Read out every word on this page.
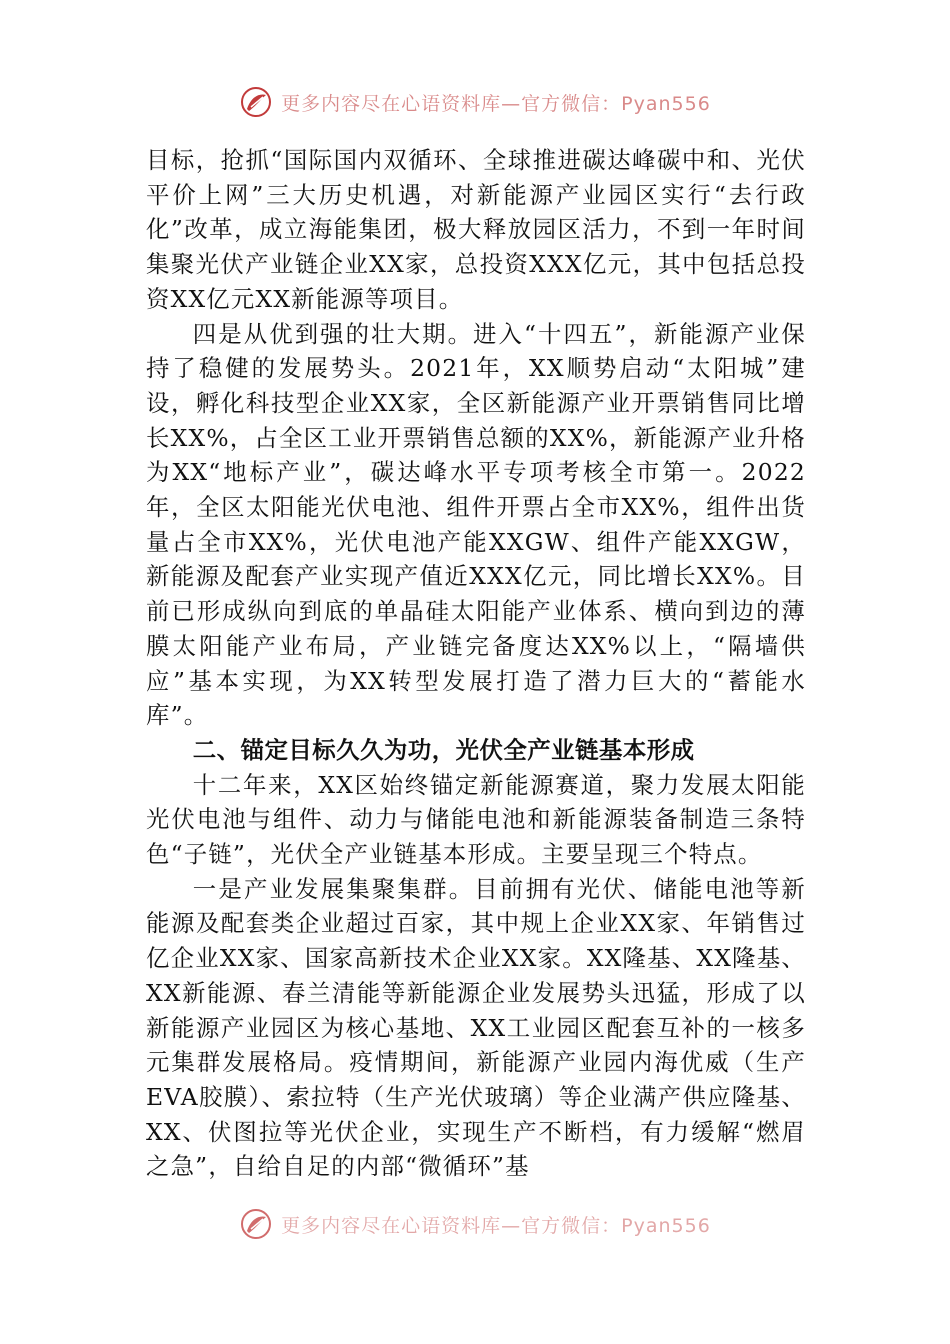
更多内容尽在心语资料库—官方微信：Pyan556

目标，抢抓“国际国内双循环、全球推进碳达峰碳中和、光伏平价上网”三大历史机遇，对新能源产业园区实行“去行政化”改革，成立海能集团，极大释放园区活力，不到一年时间集聚光伏产业链企业XX家，总投资XXX亿元，其中包括总投资XX亿元XX新能源等项目。

四是从优到强的壮大期。进入“十四五”，新能源产业保持了稳健的发展势头。2021年，XX顺势启动“太阳城”建设，孵化科技型企业XX家，全区新能源产业开票销售同比增长XX%，占全区工业开票销售总额的XX%，新能源产业升格为XX“地标产业”，碳达峰水平专项考核全市第一。2022年，全区太阳能光伏电池、组件开票占全市XX%，组件出货量占全市XX%，光伏电池产能XXGW、组件产能XXGW，新能源及配套产业实现产值近XXX亿元，同比增长XX%。目前已形成纵向到底的单晶硅太阳能产业体系、横向到边的薄膜太阳能产业布局，产业链完备度达XX%以上，“隔墙供应”基本实现，为XX转型发展打造了潜力巨大的“蓄能水库”。

二、锚定目标久久为功，光伏全产业链基本形成

十二年来，XX区始终锚定新能源赛道，聚力发展太阳能光伏电池与组件、动力与储能电池和新能源装备制造三条特色“子链”，光伏全产业链基本形成。主要呈现三个特点。

一是产业发展集聚集群。目前拥有光伏、储能电池等新能源及配套类企业超过百家，其中规上企业XX家、年销售过亿企业XX家、国家高新技术企业XX家。XX隆基、XX隆基、XX新能源、春兰清能等新能源企业发展势头迅猛，形成了以新能源产业园区为核心基地、XX工业园区配套互补的一核多元集群发展格局。疫情期间，新能源产业园内海优威（生产EVA胶膜）、索拉特（生产光伏玻璃）等企业满产供应隆基、XX、伏图拉等光伏企业，实现生产不断档，有力缓解“燃眉之急”，自给自足的内部“微循环”基

更多内容尽在心语资料库—官方微信：Pyan556
